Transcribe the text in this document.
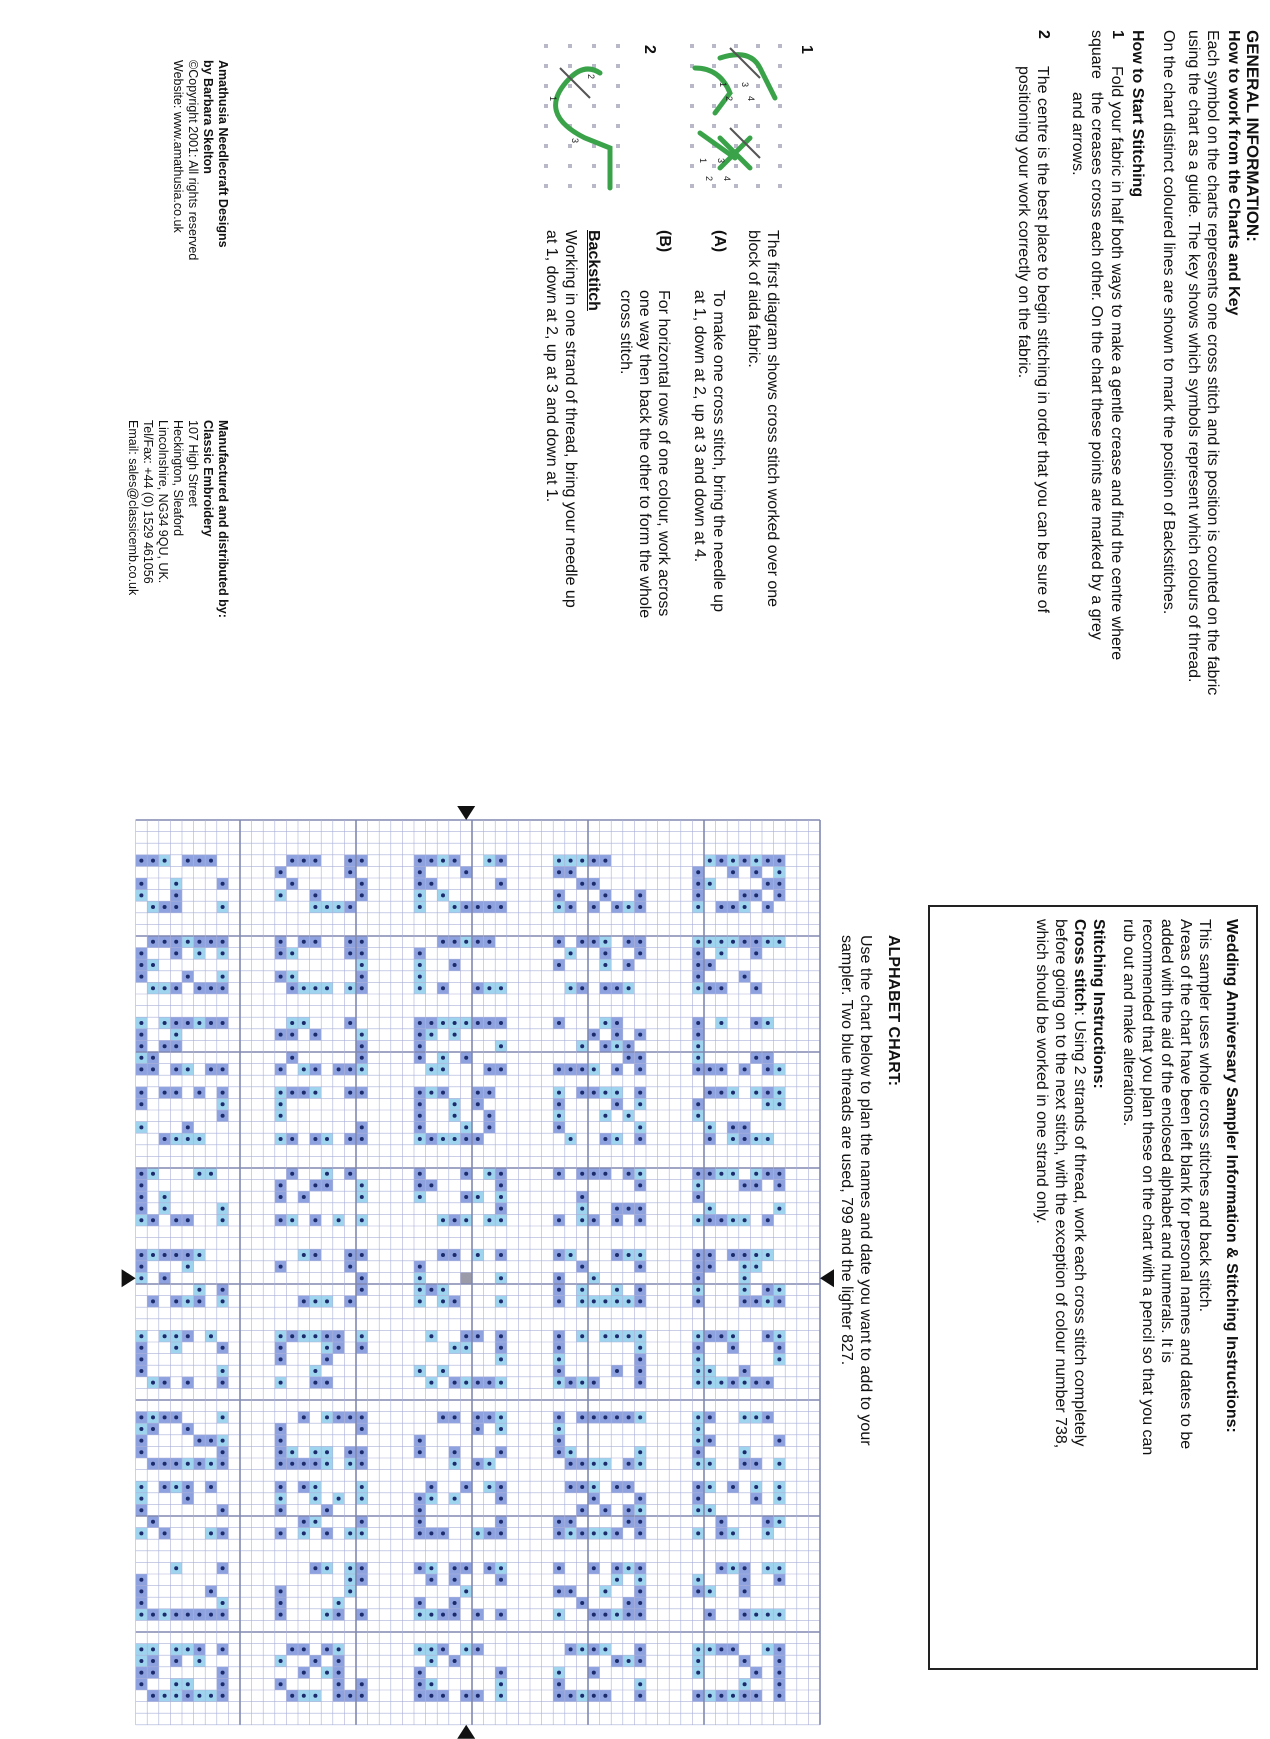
GENERAL INFORMATION:
How to work from the Charts and Key
Each symbol on the charts represents one cross stitch and its position is counted on the fabric
using the chart as a guide. The key shows which symbols represent which colours of thread.
On the chart distinct coloured lines are shown to mark the position of Backstitches.
How to Start Stitching
1
Fold your fabric in half both ways to make a gentle crease and find the centre where
square
the creases cross each other. On the chart these points are marked by a grey
and arrows.
2
The centre is the best place to begin stitching in order that you can be sure of
positioning your work correctly on the fabric.
1
1
2
3
4
1
2
3
4
The first diagram shows cross stitch worked over one
block of aida fabric.
(A)
To make one cross stitch, bring the needle up
at 1, down at 2, up at 3 and down at 4.
(B)
For horizontal rows of one colour, work across
one way then back the other to form the whole
cross stitch.
2
1
2
3
Backstitch
Working in one strand of thread, bring your needle up
at 1, down at 2, up at 3 and down at 1.
Amathusia Needlecraft Designs
by Barbara Skelton
©Copyright 2001: All rights reserved
Website: www.amathusia.co.uk
Manufactured and distributed by:
Classic Embroidery
107 High Street
Heckington, Sleaford
Lincolnshire, NG34 9QU, UK.
Tel/Fax: +44 (0) 1529 461056
Email: sales@classicemb.co.uk
Wedding Anniversary Sampler Information & Stitching Instructions:
This sampler uses whole cross stitches and back stitch.
Areas of the chart have been left blank for personal names and dates to be
added with the aid of the enclosed alphabet and numerals. It is
recommended that you plan these on the chart with a pencil so that you can
rub out and make alterations.
Stitching Instructions:
Cross stitch: Using 2 strands of thread, work each cross stitch completely
before going on to the next stitch, with the exception of colour number 738,
which should be worked in one strand only.
ALPHABET CHART:
Use the chart below to plan the names and date you want to add to your
sampler. Two blue threads are used, 799 and the lighter 827.
